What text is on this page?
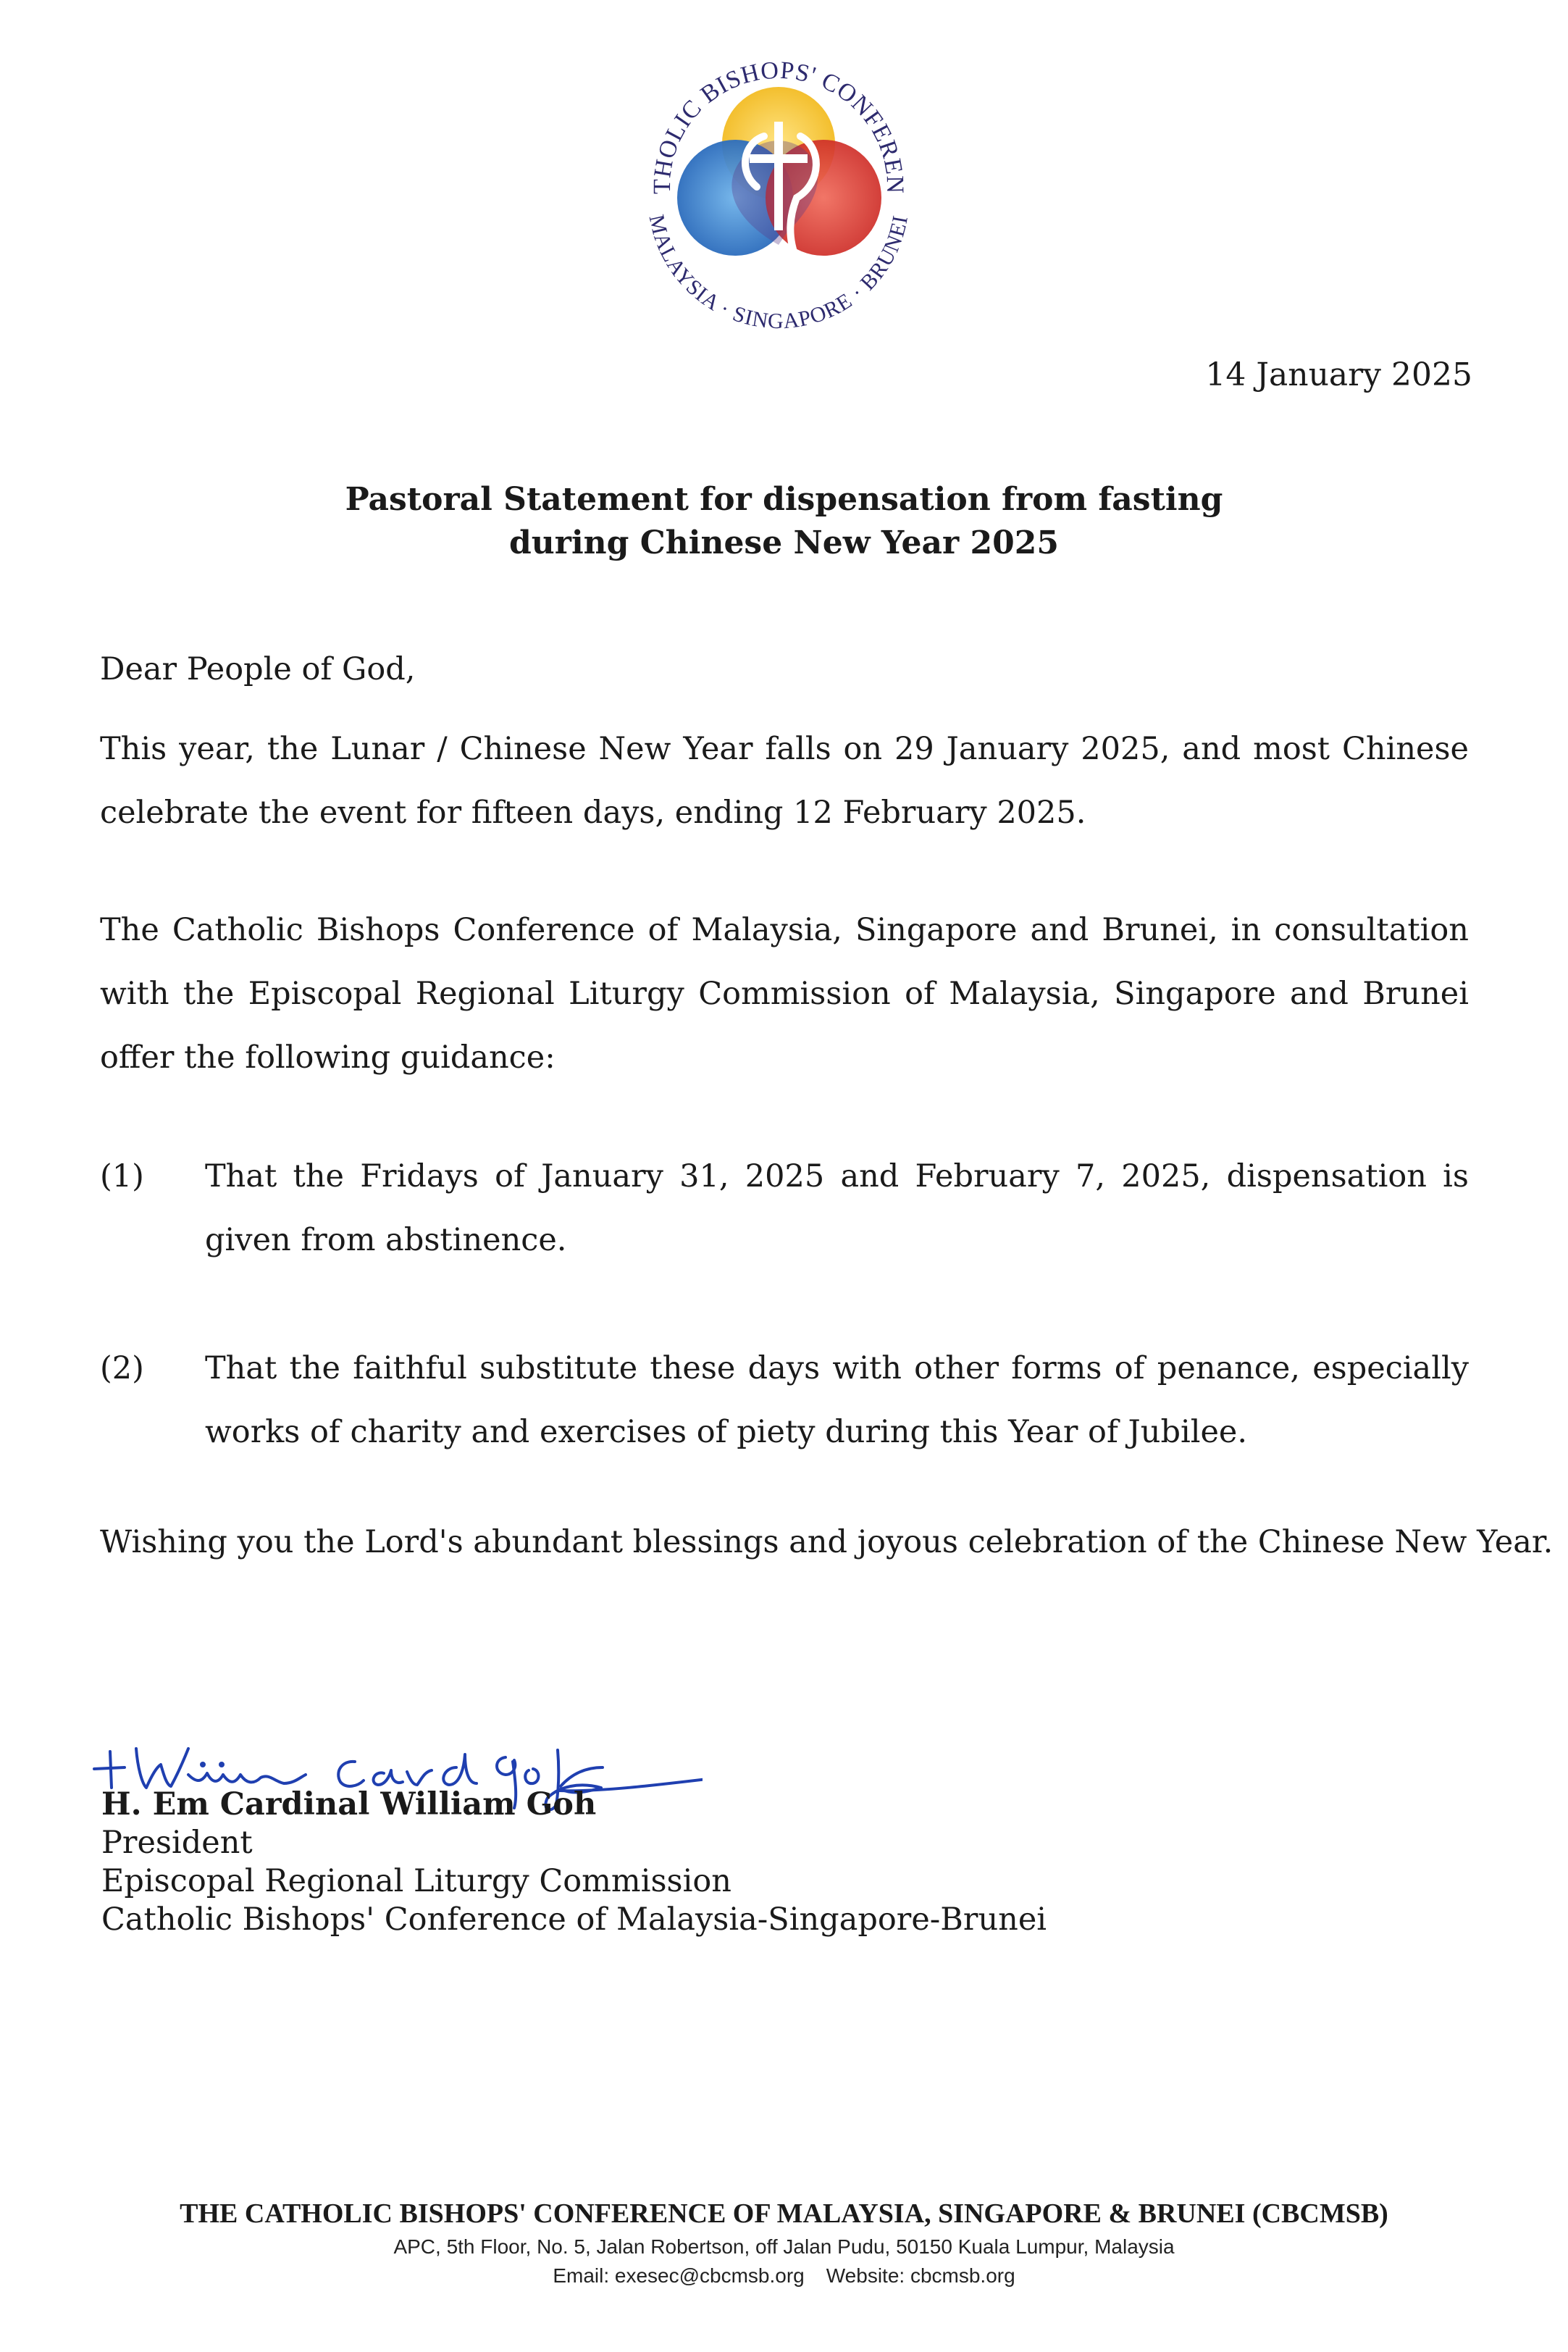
THOLIC BISHOPS' CONFEREN
MALAYSIA · SINGAPORE · BRUNEI
14 January 2025
Pastoral Statement for dispensation from fasting
during Chinese New Year 2025
Dear People of God,
This year, the Lunar / Chinese New Year falls on 29 January 2025, and most Chinese celebrate the event for fifteen days, ending 12 February 2025.
The Catholic Bishops Conference of Malaysia, Singapore and Brunei, in consultation with the Episcopal Regional Liturgy Commission of Malaysia, Singapore and Brunei offer the following guidance:
(1)	That the Fridays of January 31, 2025 and February 7, 2025, dispensation is given from abstinence.
(2)	That the faithful substitute these days with other forms of penance, especially works of charity and exercises of piety during this Year of Jubilee.
Wishing you the Lord's abundant blessings and joyous celebration of the Chinese New Year.
H. Em Cardinal William Goh
President
Episcopal Regional Liturgy Commission
Catholic Bishops' Conference of Malaysia-Singapore-Brunei
THE CATHOLIC BISHOPS' CONFERENCE OF MALAYSIA, SINGAPORE & BRUNEI (CBCMSB)
APC, 5th Floor, No. 5, Jalan Robertson, off Jalan Pudu, 50150 Kuala Lumpur, Malaysia
Email: exesec@cbcmsb.org Website: cbcmsb.org
